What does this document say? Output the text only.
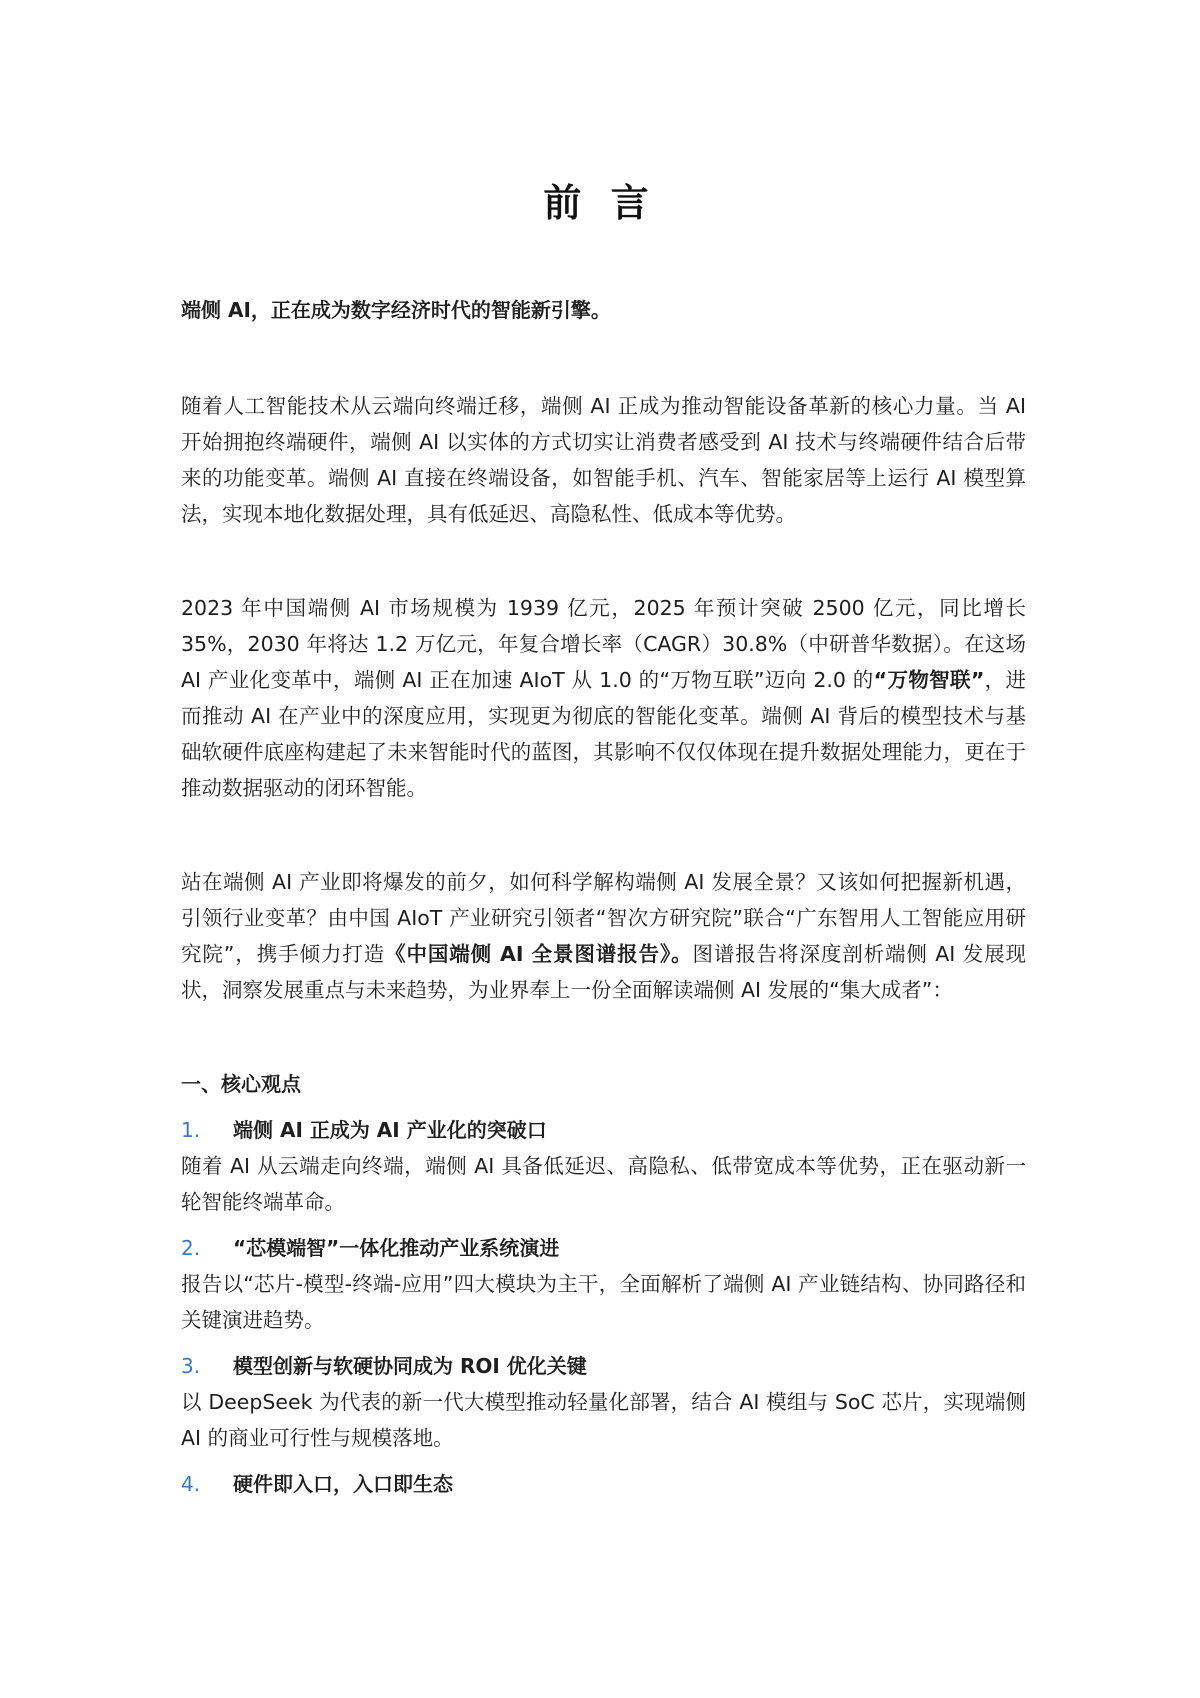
前 言

端侧 AI，正在成为数字经济时代的智能新引擎。

随着人工智能技术从云端向终端迁移，端侧 AI 正成为推动智能设备革新的核心力量。当 AI 开始拥抱终端硬件，端侧 AI 以实体的方式切实让消费者感受到 AI 技术与终端硬件结合后带来的功能变革。端侧 AI 直接在终端设备，如智能手机、汽车、智能家居等上运行 AI 模型算法，实现本地化数据处理，具有低延迟、高隐私性、低成本等优势。

2023 年中国端侧 AI 市场规模为 1939 亿元，2025 年预计突破 2500 亿元，同比增长 35%，2030 年将达 1.2 万亿元，年复合增长率（CAGR）30.8%（中研普华数据）。在这场 AI 产业化变革中，端侧 AI 正在加速 AIoT 从 1.0 的“万物互联”迈向 2.0 的“万物智联”，进而推动 AI 在产业中的深度应用，实现更为彻底的智能化变革。端侧 AI 背后的模型技术与基础软硬件底座构建起了未来智能时代的蓝图，其影响不仅仅体现在提升数据处理能力，更在于推动数据驱动的闭环智能。

站在端侧 AI 产业即将爆发的前夕，如何科学解构端侧 AI 发展全景？又该如何把握新机遇，引领行业变革？由中国 AIoT 产业研究引领者“智次方研究院”联合“广东智用人工智能应用研究院”，携手倾力打造《中国端侧 AI 全景图谱报告》。图谱报告将深度剖析端侧 AI 发展现状，洞察发展重点与未来趋势，为业界奉上一份全面解读端侧 AI 发展的“集大成者”：

一、核心观点
1.	端侧 AI 正成为 AI 产业化的突破口

随着 AI 从云端走向终端，端侧 AI 具备低延迟、高隐私、低带宽成本等优势，正在驱动新一轮智能终端革命。

2.	“芯模端智”一体化推动产业系统演进

报告以“芯片-模型-终端-应用”四大模块为主干，全面解析了端侧 AI 产业链结构、协同路径和关键演进趋势。

3.	模型创新与软硬协同成为 ROI 优化关键

以 DeepSeek 为代表的新一代大模型推动轻量化部署，结合 AI 模组与 SoC 芯片，实现端侧 AI 的商业可行性与规模落地。

4.	硬件即入口，入口即生态
